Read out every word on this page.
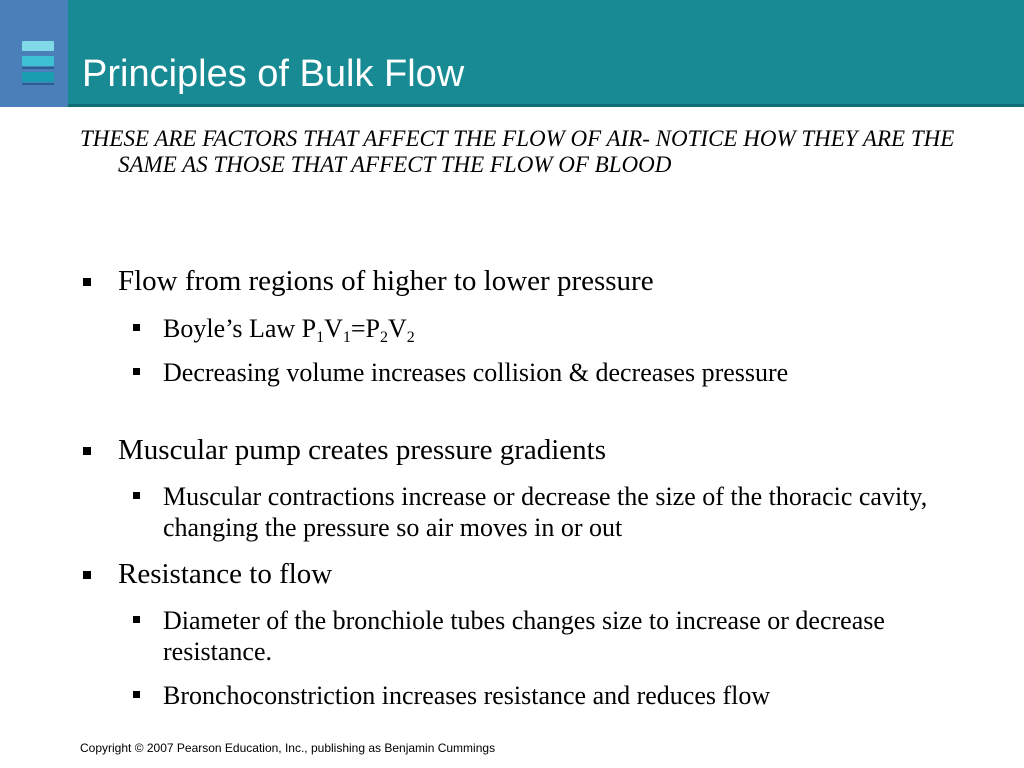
Principles of Bulk Flow
THESE ARE FACTORS THAT AFFECT THE FLOW OF AIR- NOTICE HOW THEY ARE THE SAME AS THOSE THAT AFFECT THE FLOW OF BLOOD
Flow from regions of higher to lower pressure
Boyle’s Law $P_1V_1=P_2V_2$
Decreasing volume increases collision & decreases pressure
Muscular pump creates pressure gradients
Muscular contractions increase or decrease the size of the thoracic cavity, changing the pressure so air moves in or out
Resistance to flow
Diameter of the bronchiole tubes changes size to increase or decrease resistance.
Bronchoconstriction increases resistance and reduces flow
Copyright © 2007 Pearson Education, Inc., publishing as Benjamin Cummings
